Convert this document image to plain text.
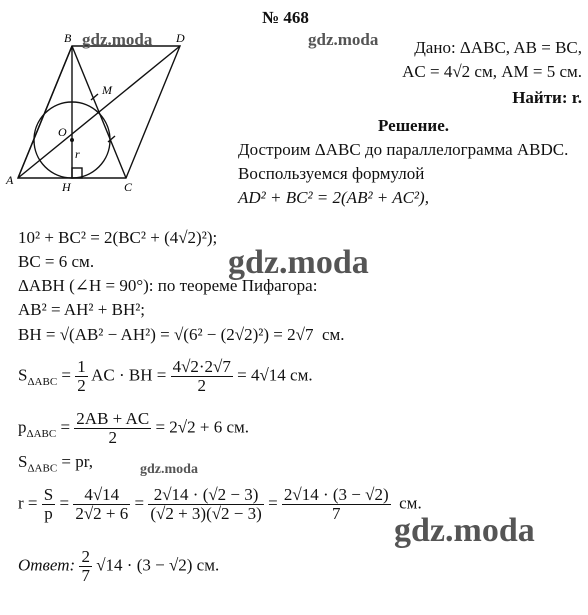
A
B
C
D
H
M
O
r
№ 468
gdz.moda	gdz.moda Дано: ΔABC, AB = BC,
AC = 4√2 см, AM = 5 см.
Найти: r.
Решение.
Достроим ΔABC до параллелограмма ABDC.
Воспользуемся формулой
AD² + BC² = 2(AB² + AC²),
10² + BC² = 2(BC² + (4√2)²);
BC = 6 см.	gdz.moda
ΔABH (∠H = 90°): по теореме Пифагора:
AB² = AH² + BH²;
BH = √(AB² − AH²) = √(6² − (2√2)²) = 2√7 см.
$S_{\Delta ABC} = \frac{1}{2}$ AC · BH = $\frac{4√2\cdot 2√7}{2} = 4√14$ см.
$p_{\Delta ABC} = \frac{2AB + AC}{2} = 2√2 + 6$ см.
$S_{\Delta ABC}$ = pr,	gdz.moda
$r = \frac{S}{p} = \frac{4√14}{2√2 + 6} = \frac{2√14 \cdot (√2 - 3)}{(√2 + 3)(√2 - 3)} = \frac{2√14 \cdot (3 - √2)}{7}$ см.
gdz.moda
Ответ: $\frac{2}{7} √14 \cdot (3 - √2)$ см.
